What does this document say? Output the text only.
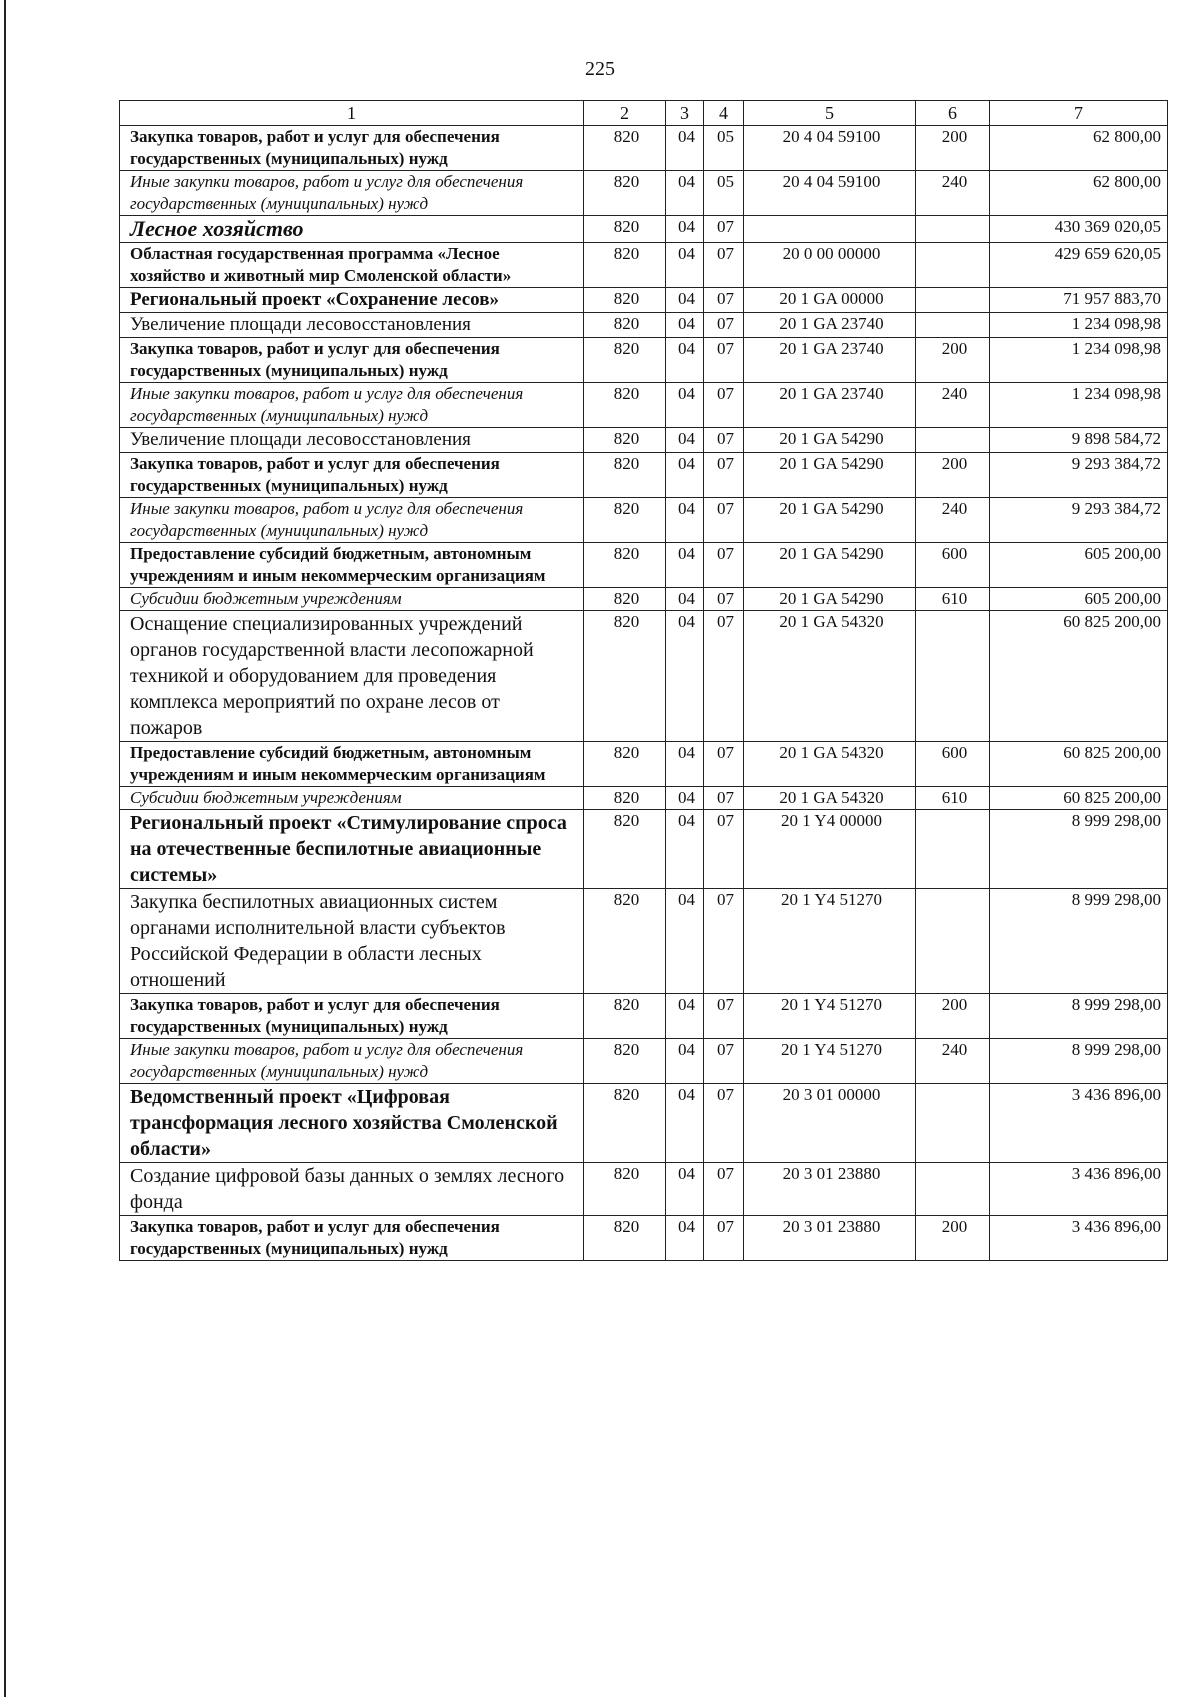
225
1	2	3	4	5	6	7
Закупка товаров, работ и услуг для обеспечения государственных (муниципальных) нужд	820	04	05	20 4 04 59100	200	62 800,00
Иные закупки товаров, работ и услуг для обеспечения государственных (муниципальных) нужд	820	04	05	20 4 04 59100	240	62 800,00
Лесное хозяйство	820	04	07			430 369 020,05
Областная государственная программа «Лесное хозяйство и животный мир Смоленской области»	820	04	07	20 0 00 00000		429 659 620,05
Региональный проект «Сохранение лесов»	820	04	07	20 1 GA 00000		71 957 883,70
Увеличение площади лесовосстановления	820	04	07	20 1 GA 23740		1 234 098,98
Закупка товаров, работ и услуг для обеспечения государственных (муниципальных) нужд	820	04	07	20 1 GA 23740	200	1 234 098,98
Иные закупки товаров, работ и услуг для обеспечения государственных (муниципальных) нужд	820	04	07	20 1 GA 23740	240	1 234 098,98
Увеличение площади лесовосстановления	820	04	07	20 1 GA 54290		9 898 584,72
Закупка товаров, работ и услуг для обеспечения государственных (муниципальных) нужд	820	04	07	20 1 GA 54290	200	9 293 384,72
Иные закупки товаров, работ и услуг для обеспечения государственных (муниципальных) нужд	820	04	07	20 1 GA 54290	240	9 293 384,72
Предоставление субсидий бюджетным, автономным учреждениям и иным некоммерческим организациям	820	04	07	20 1 GA 54290	600	605 200,00
Субсидии бюджетным учреждениям	820	04	07	20 1 GA 54290	610	605 200,00
Оснащение специализированных учреждений органов государственной власти лесопожарной техникой и оборудованием для проведения комплекса мероприятий по охране лесов от пожаров	820	04	07	20 1 GA 54320		60 825 200,00
Предоставление субсидий бюджетным, автономным учреждениям и иным некоммерческим организациям	820	04	07	20 1 GA 54320	600	60 825 200,00
Субсидии бюджетным учреждениям	820	04	07	20 1 GA 54320	610	60 825 200,00
Региональный проект «Стимулирование спроса на отечественные беспилотные авиационные системы»	820	04	07	20 1 Y4 00000		8 999 298,00
Закупка беспилотных авиационных систем органами исполнительной власти субъектов Российской Федерации в области лесных отношений	820	04	07	20 1 Y4 51270		8 999 298,00
Закупка товаров, работ и услуг для обеспечения государственных (муниципальных) нужд	820	04	07	20 1 Y4 51270	200	8 999 298,00
Иные закупки товаров, работ и услуг для обеспечения государственных (муниципальных) нужд	820	04	07	20 1 Y4 51270	240	8 999 298,00
Ведомственный проект «Цифровая трансформация лесного хозяйства Смоленской области»	820	04	07	20 3 01 00000		3 436 896,00
Создание цифровой базы данных о землях лесного фонда	820	04	07	20 3 01 23880		3 436 896,00
Закупка товаров, работ и услуг для обеспечения государственных (муниципальных) нужд	820	04	07	20 3 01 23880	200	3 436 896,00
